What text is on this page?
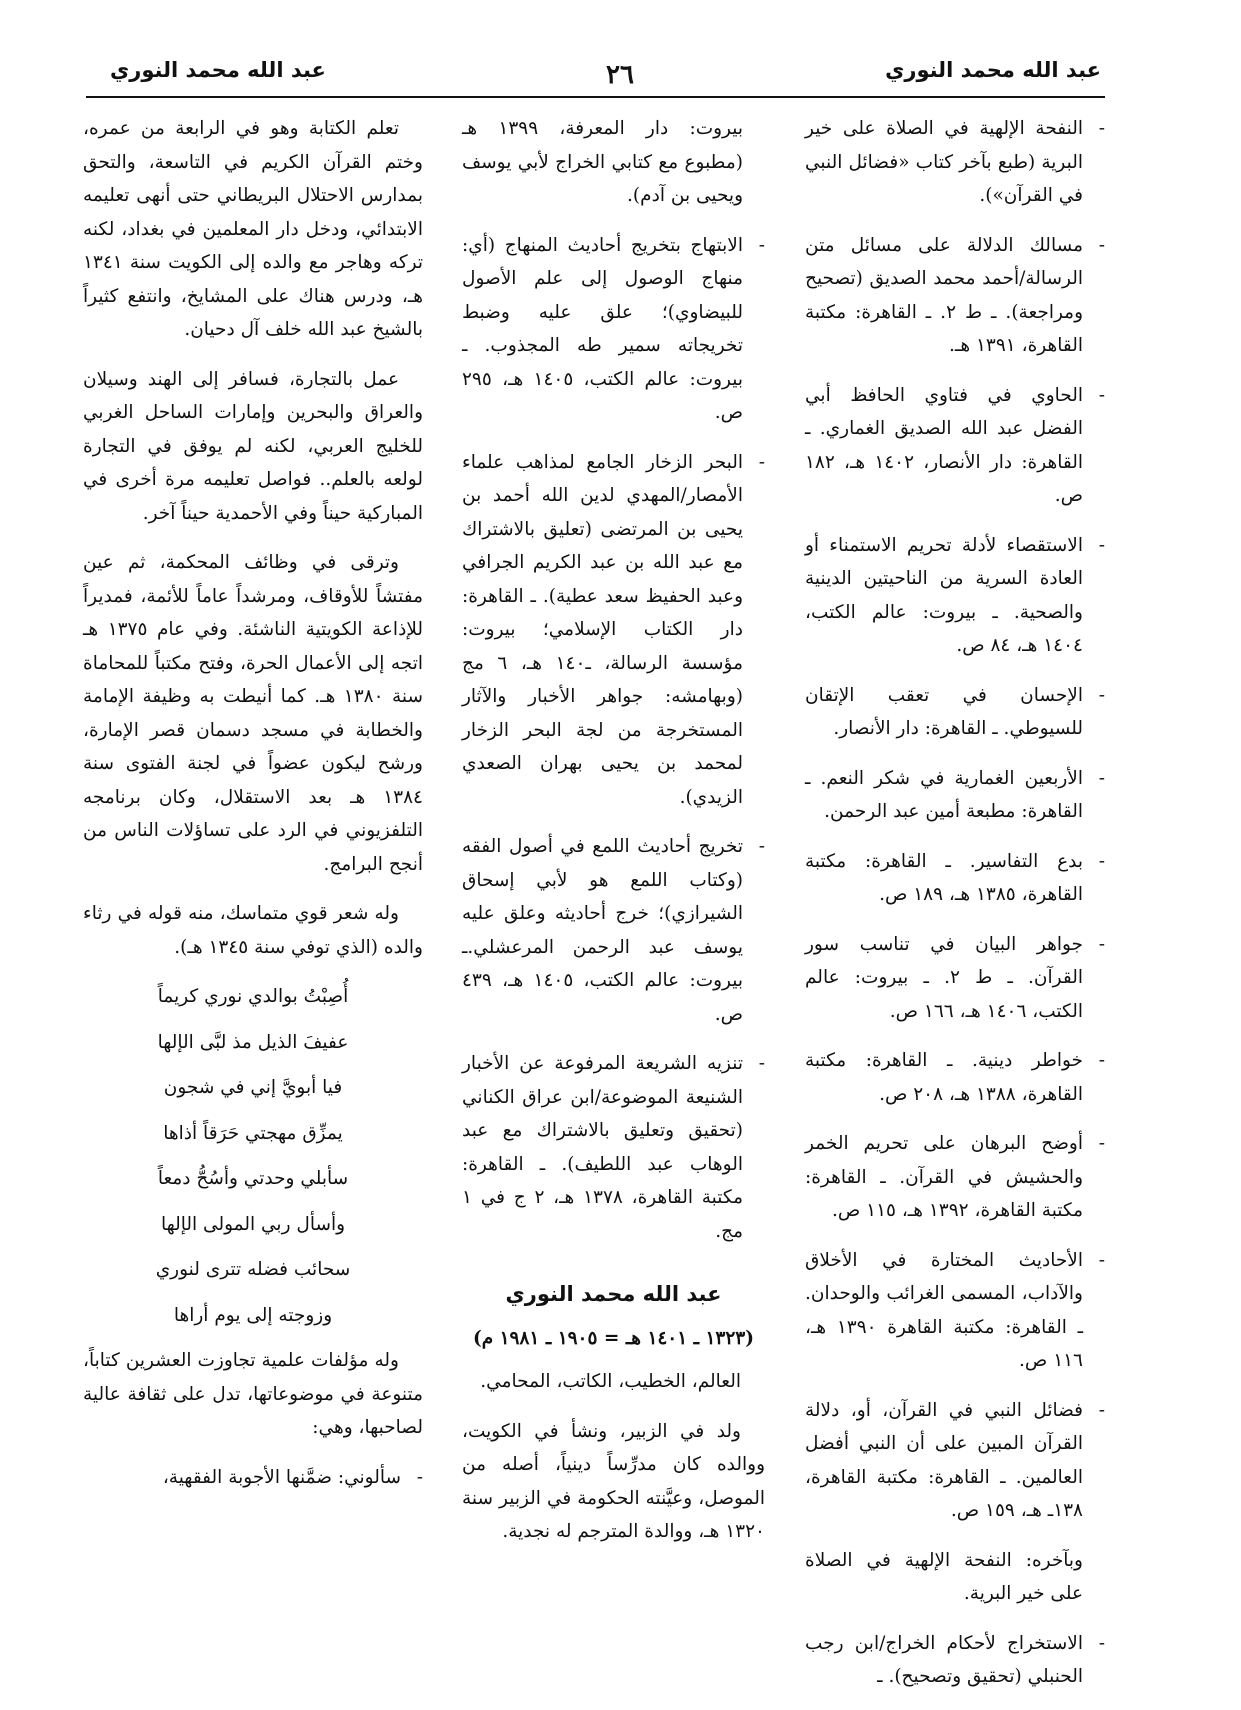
عبد الله محمد النوري
٢٦
عبد الله محمد النوري
- النفحة الإلهية في الصلاة على خير البرية (طبع بآخر كتاب «فضائل النبي في القرآن»).
- مسالك الدلالة على مسائل متن الرسالة/أحمد محمد الصديق (تصحيح ومراجعة). ـ ط ٢. ـ القاهرة: مكتبة القاهرة، ١٣٩١ هـ.
- الحاوي في فتاوي الحافظ أبي الفضل عبد الله الصديق الغماري. ـ القاهرة: دار الأنصار، ١٤٠٢ هـ، ١٨٢ ص.
- الاستقصاء لأدلة تحريم الاستمناء أو العادة السرية من الناحيتين الدينية والصحية. ـ بيروت: عالم الكتب، ١٤٠٤ هـ، ٨٤ ص.
- الإحسان في تعقب الإتقان للسيوطي. ـ القاهرة: دار الأنصار.
- الأربعين الغمارية في شكر النعم. ـ القاهرة: مطبعة أمين عبد الرحمن.
- بدع التفاسير. ـ القاهرة: مكتبة القاهرة، ١٣٨٥ هـ، ١٨٩ ص.
- جواهر البيان في تناسب سور القرآن. ـ ط ٢. ـ بيروت: عالم الكتب، ١٤٠٦ هـ، ١٦٦ ص.
- خواطر دينية. ـ القاهرة: مكتبة القاهرة، ١٣٨٨ هـ، ٢٠٨ ص.
- أوضح البرهان على تحريم الخمر والحشيش في القرآن. ـ القاهرة: مكتبة القاهرة، ١٣٩٢ هـ، ١١٥ ص.
- الأحاديث المختارة في الأخلاق والآداب، المسمى الغرائب والوحدان. ـ القاهرة: مكتبة القاهرة ١٣٩٠ هـ، ١١٦ ص.
- فضائل النبي في القرآن، أو، دلالة القرآن المبين على أن النبي أفضل العالمين. ـ القاهرة: مكتبة القاهرة، ١٣٨ـ هـ، ١٥٩ ص.
وبآخره: النفحة الإلهية في الصلاة على خير البرية.
- الاستخراج لأحكام الخراج/ابن رجب الحنبلي (تحقيق وتصحيح). ـ
بيروت: دار المعرفة، ١٣٩٩ هـ (مطبوع مع كتابي الخراج لأبي يوسف ويحيى بن آدم).
- الابتهاج بتخريج أحاديث المنهاج (أي: منهاج الوصول إلى علم الأصول للبيضاوي)؛ علق عليه وضبط تخريجاته سمير طه المجذوب. ـ بيروت: عالم الكتب، ١٤٠٥ هـ، ٢٩٥ ص.
- البحر الزخار الجامع لمذاهب علماء الأمصار/المهدي لدين الله أحمد بن يحيى بن المرتضى (تعليق بالاشتراك مع عبد الله بن عبد الكريم الجرافي وعبد الحفيظ سعد عطية). ـ القاهرة: دار الكتاب الإسلامي؛ بيروت: مؤسسة الرسالة، ـ١٤٠ هـ، ٦ مج (وبهامشه: جواهر الأخبار والآثار المستخرجة من لجة البحر الزخار لمحمد بن يحيى بهران الصعدي الزيدي).
- تخريج أحاديث اللمع في أصول الفقه (وكتاب اللمع هو لأبي إسحاق الشيرازي)؛ خرج أحاديثه وعلق عليه يوسف عبد الرحمن المرعشلي.ـ بيروت: عالم الكتب، ١٤٠٥ هـ، ٤٣٩ ص.
- تنزيه الشريعة المرفوعة عن الأخبار الشنيعة الموضوعة/ابن عراق الكناني (تحقيق وتعليق بالاشتراك مع عبد الوهاب عبد اللطيف). ـ القاهرة: مكتبة القاهرة، ١٣٧٨ هـ، ٢ ج في ١ مج.
عبد الله محمد النوري
(١٣٢٣ ـ ١٤٠١ هـ = ١٩٠٥ ـ ١٩٨١ م)

العالم، الخطيب، الكاتب، المحامي.

ولد في الزبير، ونشأ في الكويت، ووالده كان مدرِّساً دينياً، أصله من الموصل، وعيَّنته الحكومة في الزبير سنة ١٣٢٠ هـ، ووالدة المترجم له نجدية.

تعلم الكتابة وهو في الرابعة من عمره، وختم القرآن الكريم في التاسعة، والتحق بمدارس الاحتلال البريطاني حتى أنهى تعليمه الابتدائي، ودخل دار المعلمين في بغداد، لكنه تركه وهاجر مع والده إلى الكويت سنة ١٣٤١ هـ، ودرس هناك على المشايخ، وانتفع كثيراً بالشيخ عبد الله خلف آل دحيان.

عمل بالتجارة، فسافر إلى الهند وسيلان والعراق والبحرين وإمارات الساحل الغربي للخليج العربي، لكنه لم يوفق في التجارة لولعه بالعلم.. فواصل تعليمه مرة أخرى في المباركية حيناً وفي الأحمدية حيناً آخر.

وترقى في وظائف المحكمة، ثم عين مفتشاً للأوقاف، ومرشداً عاماً للأئمة، فمديراً للإذاعة الكويتية الناشئة. وفي عام ١٣٧٥ هـ اتجه إلى الأعمال الحرة، وفتح مكتباً للمحاماة سنة ١٣٨٠ هـ. كما أنيطت به وظيفة الإمامة والخطابة في مسجد دسمان قصر الإمارة، ورشح ليكون عضواً في لجنة الفتوى سنة ١٣٨٤ هـ بعد الاستقلال، وكان برنامجه التلفزيوني في الرد على تساؤلات الناس من أنجح البرامج.

وله شعر قوي متماسك، منه قوله في رثاء والده (الذي توفي سنة ١٣٤٥ هـ).

أُصِبْتُ بوالدي نوري كريماً
عفيفَ الذيل مذ لبَّى الإلها
فيا أبويَّ إني في شجون
يمزِّق مهجتي حَرَقاً أذاها
سأبلي وحدتي وأسُحُّ دمعاً
وأسأل ربي المولى الإلها
سحائب فضله تترى لنوري
وزوجته إلى يوم أراها

وله مؤلفات علمية تجاوزت العشرين كتاباً، متنوعة في موضوعاتها، تدل على ثقافة عالية لصاحبها، وهي:

- سألوني: ضمَّنها الأجوبة الفقهية،
